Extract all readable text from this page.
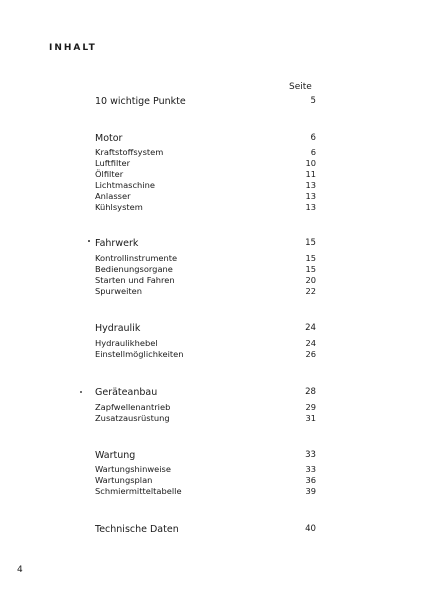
INHALT
Seite
10 wichtige Punkte	5
Motor	6
Kraftstoffsystem	6
Luftfilter	10
Ölfilter	11
Lichtmaschine	13
Anlasser	13
Kühlsystem	13
Fahrwerk	15
Kontrollinstrumente	15
Bedienungsorgane	15
Starten und Fahren	20
Spurweiten	22
Hydraulik	24
Hydraulikhebel	24
Einstellmöglichkeiten	26
Geräteanbau	28
Zapfwellenantrieb	29
Zusatzausrüstung	31
Wartung	33
Wartungshinweise	33
Wartungsplan	36
Schmiermitteltabelle	39
Technische Daten	40
4
